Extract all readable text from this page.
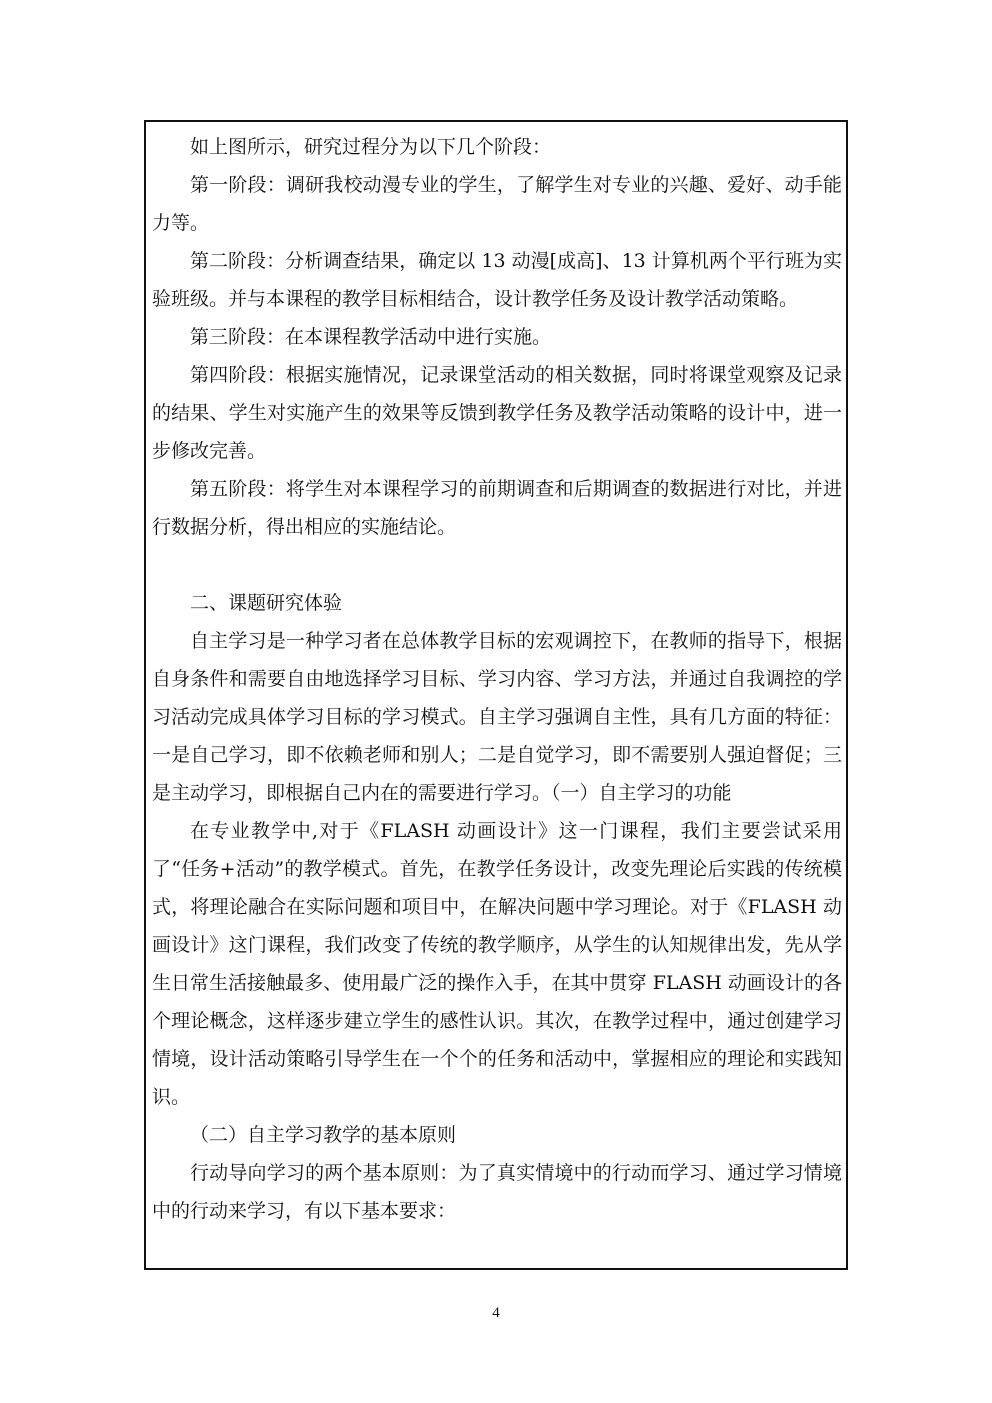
如上图所示，研究过程分为以下几个阶段：

第一阶段：调研我校动漫专业的学生，了解学生对专业的兴趣、爱好、动手能力等。

第二阶段：分析调查结果，确定以 13 动漫[成高]、13 计算机两个平行班为实验班级。并与本课程的教学目标相结合，设计教学任务及设计教学活动策略。

第三阶段：在本课程教学活动中进行实施。

第四阶段：根据实施情况，记录课堂活动的相关数据，同时将课堂观察及记录的结果、学生对实施产生的效果等反馈到教学任务及教学活动策略的设计中，进一步修改完善。

第五阶段：将学生对本课程学习的前期调查和后期调查的数据进行对比，并进行数据分析，得出相应的实施结论。

二、课题研究体验

自主学习是一种学习者在总体教学目标的宏观调控下，在教师的指导下，根据自身条件和需要自由地选择学习目标、学习内容、学习方法，并通过自我调控的学习活动完成具体学习目标的学习模式。自主学习强调自主性，具有几方面的特征：一是自己学习，即不依赖老师和别人；二是自觉学习，即不需要别人强迫督促；三是主动学习，即根据自己内在的需要进行学习。（一）自主学习的功能

在专业教学中,对于《FLASH 动画设计》这一门课程，我们主要尝试采用了“任务+活动”的教学模式。首先，在教学任务设计，改变先理论后实践的传统模式，将理论融合在实际问题和项目中，在解决问题中学习理论。对于《FLASH 动画设计》这门课程，我们改变了传统的教学顺序，从学生的认知规律出发，先从学生日常生活接触最多、使用最广泛的操作入手，在其中贯穿 FLASH 动画设计的各个理论概念，这样逐步建立学生的感性认识。其次，在教学过程中，通过创建学习情境，设计活动策略引导学生在一个个的任务和活动中，掌握相应的理论和实践知识。

（二）自主学习教学的基本原则

行动导向学习的两个基本原则：为了真实情境中的行动而学习、通过学习情境中的行动来学习，有以下基本要求：

4
